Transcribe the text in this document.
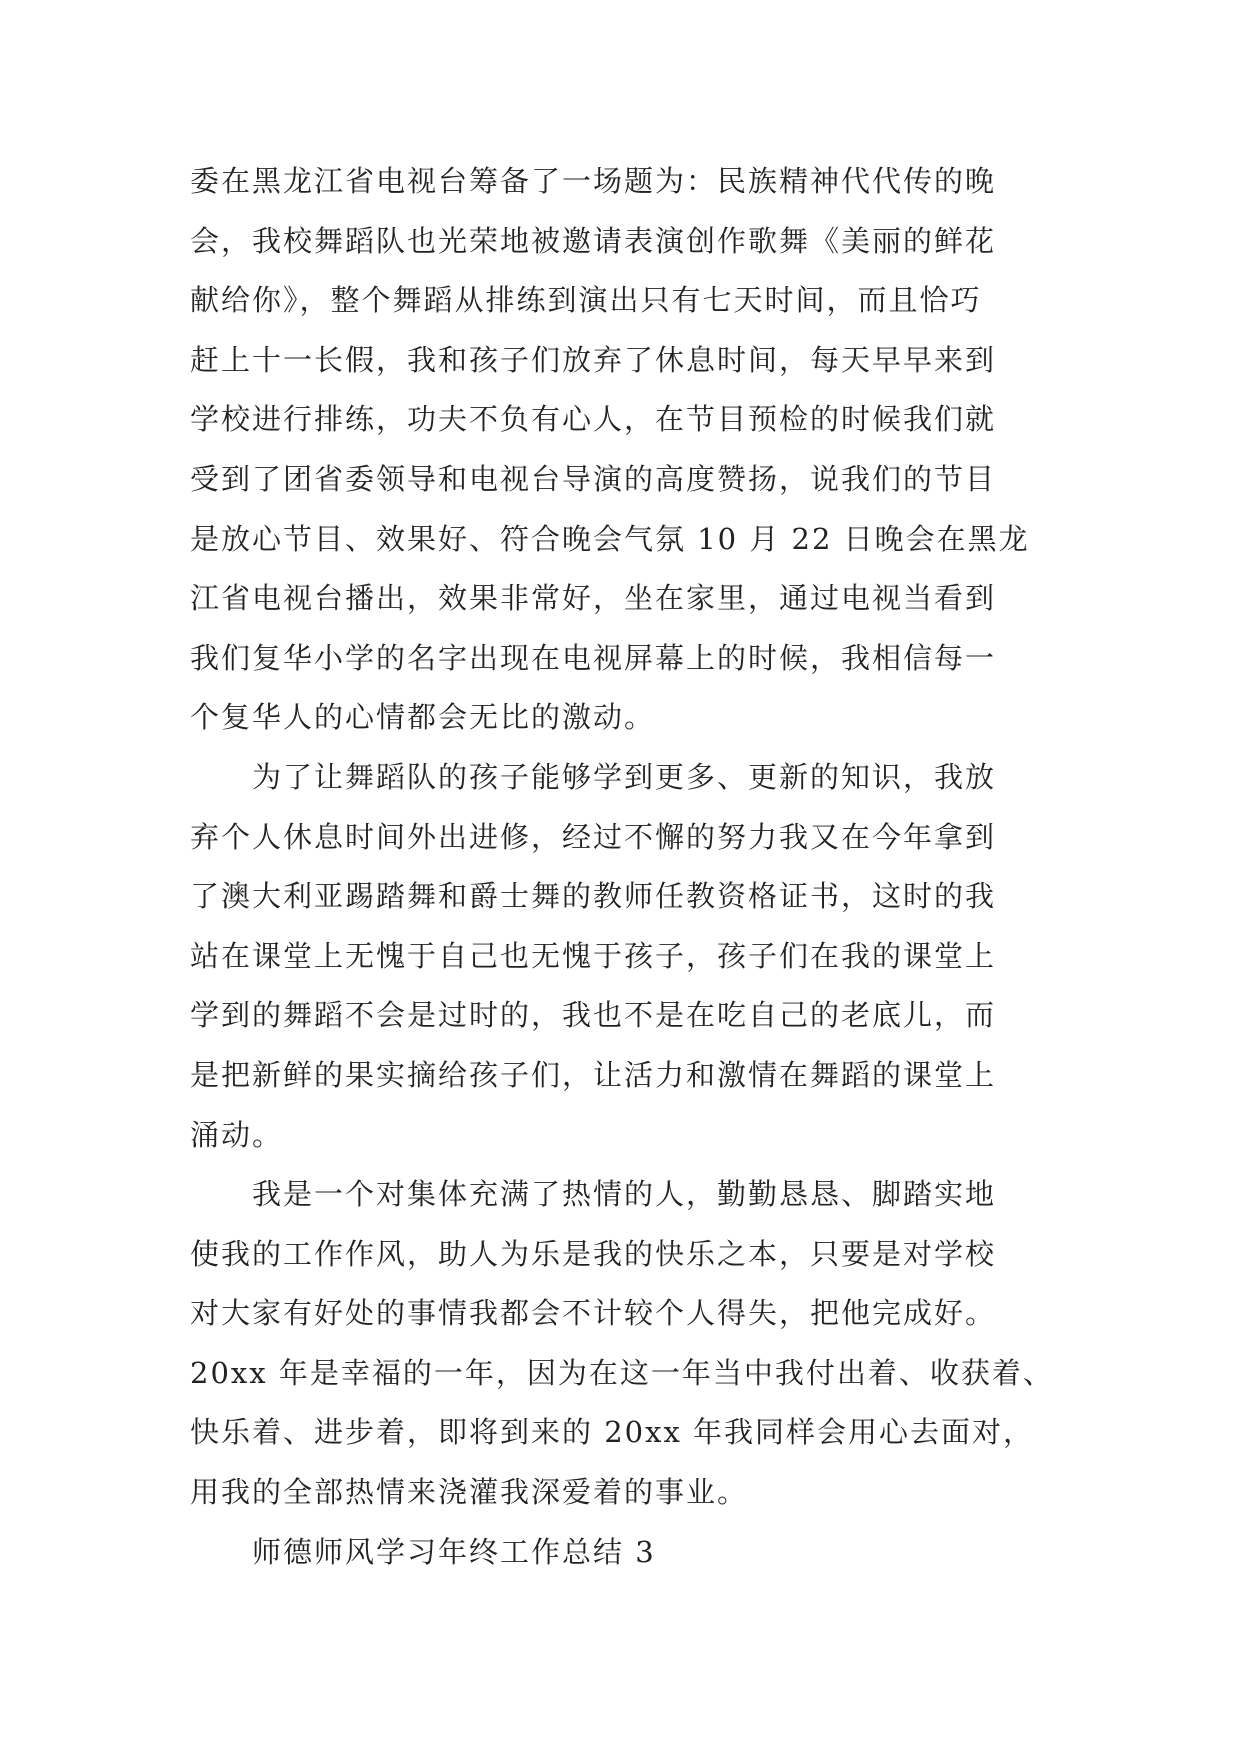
委在黑龙江省电视台筹备了一场题为：民族精神代代传的晚
会，我校舞蹈队也光荣地被邀请表演创作歌舞《美丽的鲜花
献给你》，整个舞蹈从排练到演出只有七天时间，而且恰巧
赶上十一长假，我和孩子们放弃了休息时间，每天早早来到
学校进行排练，功夫不负有心人，在节目预检的时候我们就
受到了团省委领导和电视台导演的高度赞扬，说我们的节目
是放心节目、效果好、符合晚会气氛 10 月 22 日晚会在黑龙
江省电视台播出，效果非常好，坐在家里，通过电视当看到
我们复华小学的名字出现在电视屏幕上的时候，我相信每一
个复华人的心情都会无比的激动。
为了让舞蹈队的孩子能够学到更多、更新的知识，我放
弃个人休息时间外出进修，经过不懈的努力我又在今年拿到
了澳大利亚踢踏舞和爵士舞的教师任教资格证书，这时的我
站在课堂上无愧于自己也无愧于孩子，孩子们在我的课堂上
学到的舞蹈不会是过时的，我也不是在吃自己的老底儿，而
是把新鲜的果实摘给孩子们，让活力和激情在舞蹈的课堂上
涌动。
我是一个对集体充满了热情的人，勤勤恳恳、脚踏实地
使我的工作作风，助人为乐是我的快乐之本，只要是对学校
对大家有好处的事情我都会不计较个人得失，把他完成好。
20xx 年是幸福的一年，因为在这一年当中我付出着、收获着、
快乐着、进步着，即将到来的 20xx 年我同样会用心去面对，
用我的全部热情来浇灌我深爱着的事业。
师德师风学习年终工作总结 3
